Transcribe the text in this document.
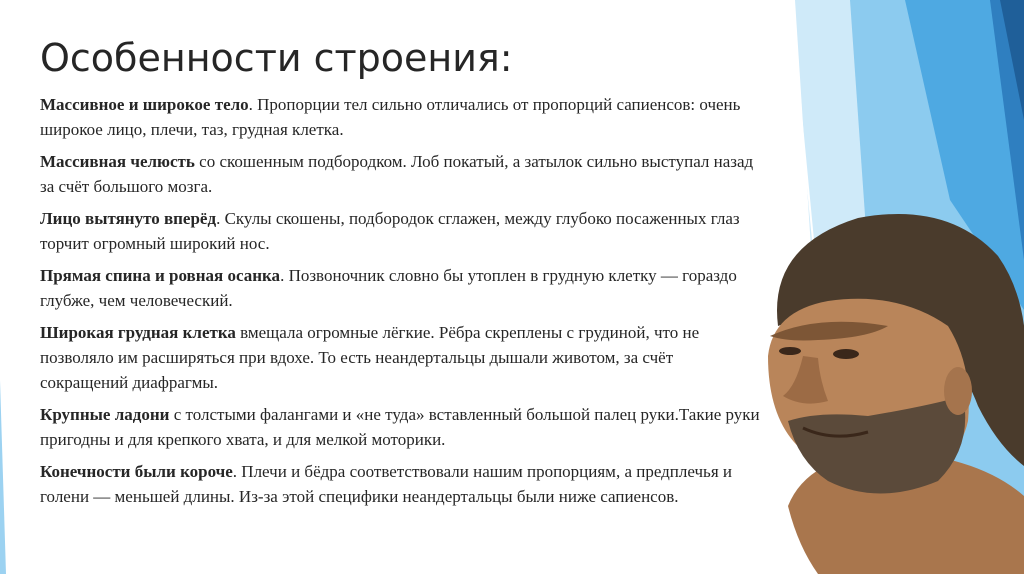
Особенности строения:

Массивное и широкое тело. Пропорции тел сильно отличались от пропорций сапиенсов: очень широкое лицо, плечи, таз, грудная клетка.

Массивная челюсть со скошенным подбородком. Лоб покатый, а затылок сильно выступал назад за счёт большого мозга.

Лицо вытянуто вперёд. Скулы скошены, подбородок сглажен, между глубоко посаженных глаз торчит огромный широкий нос.

Прямая спина и ровная осанка. Позвоночник словно бы утоплен в грудную клетку — гораздо глубже, чем человеческий.

Широкая грудная клетка вмещала огромные лёгкие. Рёбра скреплены с грудиной, что не позволяло им расширяться при вдохе. То есть неандертальцы дышали животом, за счёт сокращений диафрагмы.

Крупные ладони с толстыми фалангами и «не туда» вставленный большой палец руки.Такие руки пригодны и для крепкого хвата, и для мелкой моторики.

Конечности были короче. Плечи и бёдра соответствовали нашим пропорциям, а предплечья и голени — меньшей длины. Из-за этой специфики неандертальцы были ниже сапиенсов.
